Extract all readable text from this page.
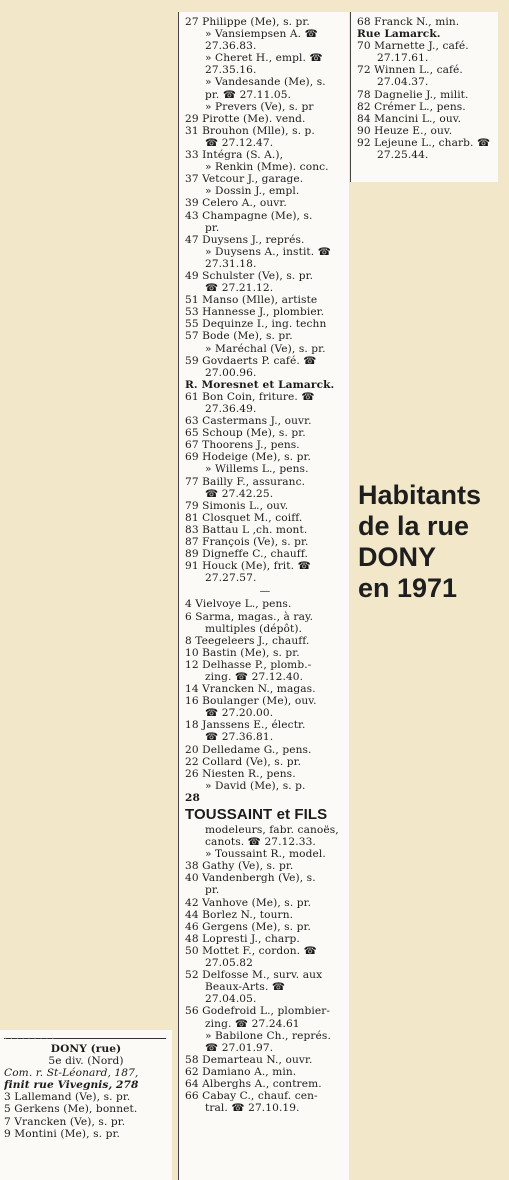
27 Philippe (Me), s. pr.
» Vansiempsen A. ☎
27.36.83.
» Cheret H., empl. ☎
27.35.16.
» Vandesande (Me), s.
pr. ☎ 27.11.05.
» Prevers (Ve), s. pr
29 Pirotte (Me). vend.
31 Brouhon (Mlle), s. p.
☎ 27.12.47.
33 Intégra (S. A.),
» Renkin (Mme). conc.
37 Vetcour J., garage.
» Dossin J., empl.
39 Celero A., ouvr.
43 Champagne (Me), s.
pr.
47 Duysens J., représ.
» Duysens A., instit. ☎
27.31.18.
49 Schulster (Ve), s. pr.
☎ 27.21.12.
51 Manso (Mlle), artiste
53 Hannesse J., plombier.
55 Dequinze I., ing. techn
57 Bode (Me), s. pr.
» Maréchal (Ve), s. pr.
59 Govdaerts P. café. ☎
27.00.96.
R. Moresnet et Lamarck.
61 Bon Coin, friture. ☎
27.36.49.
63 Castermans J., ouvr.
65 Schoup (Me), s. pr.
67 Thoorens J., pens.
69 Hodeige (Me), s. pr.
» Willems L., pens.
77 Bailly F., assuranc.
☎ 27.42.25.
79 Simonis L., ouv.
81 Closquet M., coiff.
83 Battau L ,ch. mont.
87 François (Ve), s. pr.
89 Digneffe C., chauff.
91 Houck (Me), frit. ☎
27.27.57.
—
4 Vielvoye L., pens.
6 Sarma, magas., à ray.
multiples (dépôt).
8 Teegeleers J., chauff.
10 Bastin (Me), s. pr.
12 Delhasse P., plomb.-
zing. ☎ 27.12.40.
14 Vrancken N., magas.
16 Boulanger (Me), ouv.
☎ 27.20.00.
18 Janssens E., électr.
☎ 27.36.81.
20 Delledame G., pens.
22 Collard (Ve), s. pr.
26 Niesten R., pens.
» David (Me), s. p.
28
TOUSSAINT et FILS
modeleurs, fabr. canoës,
canots. ☎ 27.12.33.
» Toussaint R., model.
38 Gathy (Ve), s. pr.
40 Vandenbergh (Ve), s.
pr.
42 Vanhove (Me), s. pr.
44 Borlez N., tourn.
46 Gergens (Me), s. pr.
48 Lopresti J., charp.
50 Mottet F., cordon. ☎
27.05.82
52 Delfosse M., surv. aux
Beaux-Arts. ☎
27.04.05.
56 Godefroid L., plombier-
zing. ☎ 27.24.61
» Babilone Ch., représ.
☎ 27.01.97.
58 Demarteau N., ouvr.
62 Damiano A., min.
64 Alberghs A., contrem.
66 Cabay C., chauf. cen-
tral. ☎ 27.10.19.
68 Franck N., min.
Rue Lamarck.
70 Marnette J., café.
27.17.61.
72 Winnen L., café.
27.04.37.
78 Dagnelie J., milit.
82 Crémer L., pens.
84 Mancini L., ouv.
90 Heuze E., ouv.
92 Lejeune L., charb. ☎
27.25.44.
. . . . . . . . .
DONY (rue)
5e div. (Nord)
Com. r. St-Léonard, 187,
finit rue Vivegnis, 278
3 Lallemand (Ve), s. pr.
5 Gerkens (Me), bonnet.
7 Vrancken (Ve), s. pr.
9 Montini (Me), s. pr.
Habitants
de la rue
DONY
en 1971
